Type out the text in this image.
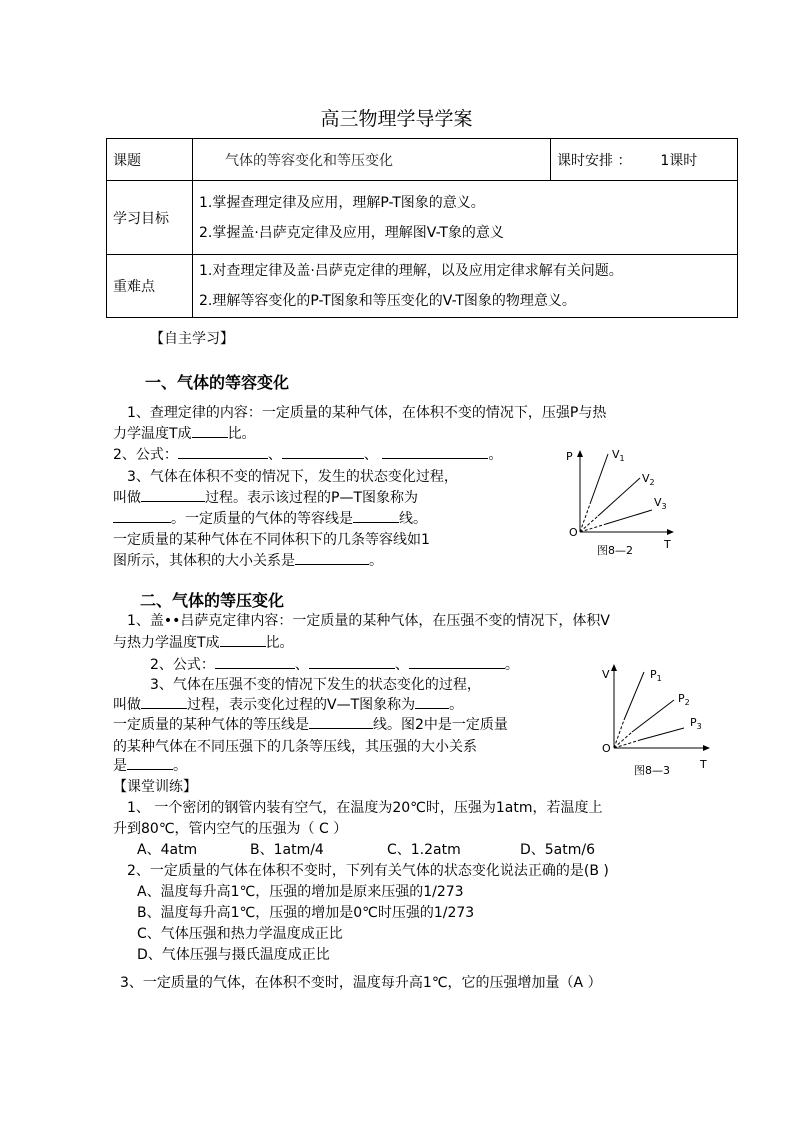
高三物理学导学案
课题	气体的等容变化和等压变化	课时安排 ： 1课时
学习目标	1.掌握查理定律及应用，理解P-T图象的意义。
2.掌握盖·吕萨克定律及应用，理解图V-T象的意义	

重难点	1.对查理定律及盖·吕萨克定律的理解，以及应用定律求解有关问题。
2.理解等容变化的P-T图象和等压变化的V-T图象的物理意义。	
【自主学习】
一、气体的等容变化
1、查理定律的内容：一定质量的某种气体，在体积不变的情况下，压强P与热
力学温度T成	比。
2、公式：	、	、	。
3、气体在体积不变的情况下，发生的状态变化过程，
叫做	过程。表示该过程的P—T图象称为
。一定质量的气体的等容线是	线。
一定质量的某种气体在不同体积下的几条等容线如1
图所示，其体积的大小关系是	。
P
T
O
$V_1$
$V_2$
$V_3$
图8—2
二、气体的等压变化
1、盖••吕萨克定律内容：一定质量的某种气体，在压强不变的情况下，体积V
与热力学温度T成	比。
2、公式：	、	、	。
3、气体在压强不变的情况下发生的状态变化的过程，
叫做	过程，表示变化过程的V—T图象称为 。
一定质量的某种气体的等压线是	线。图2中是一定质量
的某种气体在不同压强下的几条等压线，其压强的大小关系
是	。
V
T
O
$P_1$
$P_2$
$P_3$
图8—3
【课堂训练】
1、 一个密闭的钢管内装有空气，在温度为20℃时，压强为1atm，若温度上
升到80℃，管内空气的压强为（ C ）
A、4atm	B、1atm/4	C、1.2atm	D、5atm/6
2、一定质量的气体在体积不变时，下列有关气体的状态变化说法正确的是(B )
A、温度每升高1℃，压强的增加是原来压强的1/273
B、温度每升高1℃，压强的增加是0℃时压强的1/273
C、气体压强和热力学温度成正比
D、气体压强与摄氏温度成正比
3、一定质量的气体，在体积不变时，温度每升高1℃，它的压强增加量（A ）
